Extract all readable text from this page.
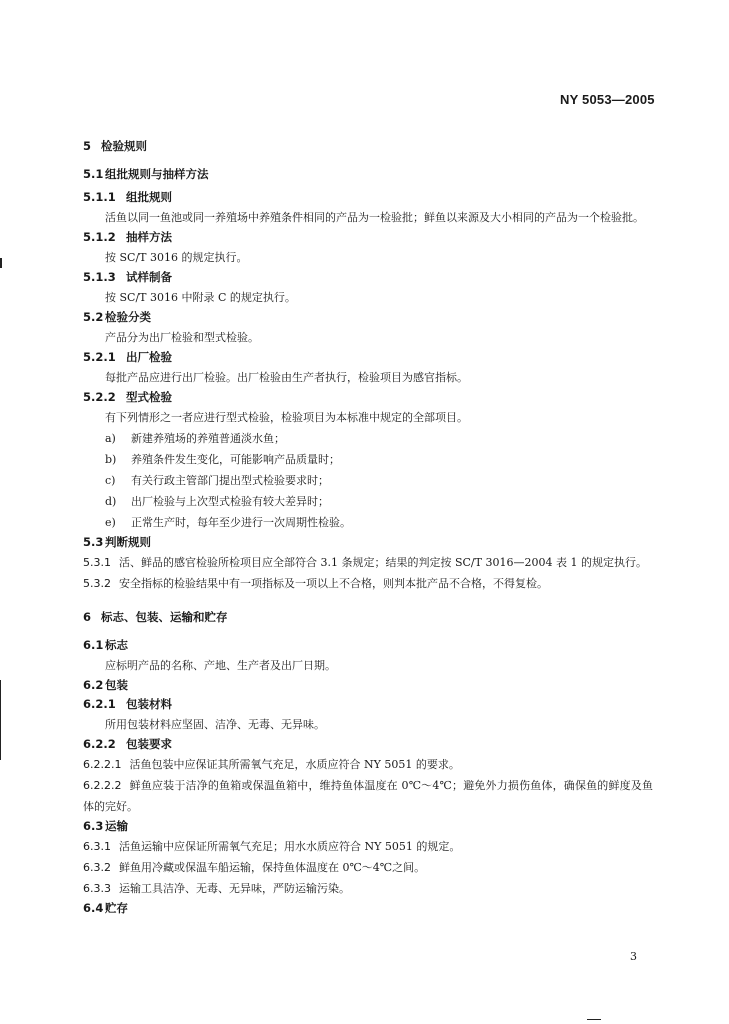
NY 5053—2005

5 检验规则

5.1 组批规则与抽样方法

5.1.1 组批规则

活鱼以同一鱼池或同一养殖场中养殖条件相同的产品为一检验批；鲜鱼以来源及大小相同的产品为一个检验批。

5.1.2 抽样方法

按 SC/T 3016 的规定执行。

5.1.3 试样制备

按 SC/T 3016 中附录 C 的规定执行。

5.2 检验分类

产品分为出厂检验和型式检验。

5.2.1 出厂检验

每批产品应进行出厂检验。出厂检验由生产者执行，检验项目为感官指标。

5.2.2 型式检验

有下列情形之一者应进行型式检验，检验项目为本标准中规定的全部项目。

a) 新建养殖场的养殖普通淡水鱼；

b) 养殖条件发生变化，可能影响产品质量时；

c) 有关行政主管部门提出型式检验要求时；

d) 出厂检验与上次型式检验有较大差异时；

e) 正常生产时，每年至少进行一次周期性检验。

5.3 判断规则

5.3.1 活、鲜品的感官检验所检项目应全部符合 3.1 条规定；结果的判定按 SC/T 3016—2004 表 1 的规定执行。

5.3.2 安全指标的检验结果中有一项指标及一项以上不合格，则判本批产品不合格，不得复检。

6 标志、包装、运输和贮存

6.1 标志

应标明产品的名称、产地、生产者及出厂日期。

6.2 包装

6.2.1 包装材料

所用包装材料应坚固、洁净、无毒、无异味。

6.2.2 包装要求

6.2.2.1 活鱼包装中应保证其所需氧气充足，水质应符合 NY 5051 的要求。

6.2.2.2 鲜鱼应装于洁净的鱼箱或保温鱼箱中，维持鱼体温度在 0℃～4℃；避免外力损伤鱼体，确保鱼的鲜度及鱼体的完好。

6.3 运输

6.3.1 活鱼运输中应保证所需氧气充足；用水水质应符合 NY 5051 的规定。

6.3.2 鲜鱼用冷藏或保温车船运输，保持鱼体温度在 0℃～4℃之间。

6.3.3 运输工具洁净、无毒、无异味，严防运输污染。

6.4 贮存

3
